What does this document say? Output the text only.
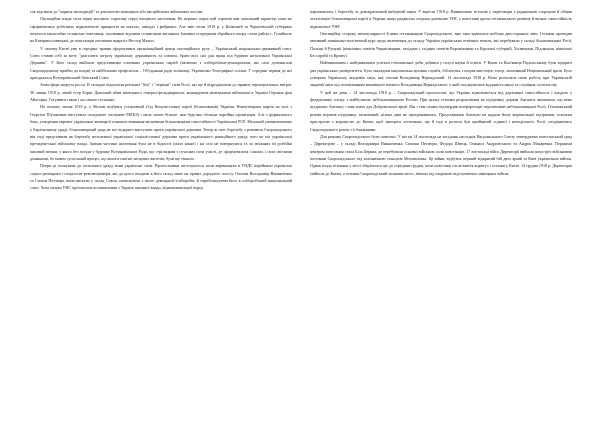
ток відсівала до "карних експедицій" за допомогою німецьких або австрійських військових частин.

Окупаційна влада сієла зерна масового спротиву серед місцевого населення. Не перших порах цей спротив мав локальний характер: поки не сформовались робітничо відновлюють прикриття на шахтах, заводах і фабриках. Але вже літом 1918 р. у Київській та Чернігівській губерніях почалося масштабне селянське повстання, очолюване відомим селянським ватажком. Іншими осередками збройного опору стали район с. Гуляйполе на Катеринославщині, де повстанців очолював анархіст Нестор Махно.

У самому Києві уже в середині травня сформувався організаційний центр опозиційного руху – Український національно-державний союз. Союз ставив собі за мету "разгалити загрозу українську державність та союзом, брати всіх сил для праці під будівою незалежної Української Держави". У його склад ввійшли представники основних українських партій (включно з хліборобами-демократами, які самі допомагали Скоропадському прийти до влади) та найбільших профспілок – Об'єднання ради залізниці, Українсько-Телеграфної спілки. У середині червня до неї приєдналася Всеукраїнський Земський Союз.

Атмосфера нагрута росла. В складно підкупили реальної "білі" і "червоні" сили Росії, які ще й відроджували до прямих територіальних витрат. 30 липня 1918 р. лівий есер Борис Донський вбив німецького генерал-фельдмаршала, командувача німецькими військами в Україні Германа фон Айхгорна. Готувався також і на самого гетьмана.

На початку липня 1918 р. у Москві відбувся установчий з'їзд Комуністичної партії (більшовиків) України. Новоутворена партія на чолі з Георгієм П'ятаковим виступила складовою частиною РКП(б) і мала своєю більше, ніж будь-яка обласна партійна організація. Але з формального боку, утворення окремої української компартії означало визнання місцевими більшовиками самостійності Української РСР. Збільший уповноважених у Берлінському уряді, більшовицький уряд не міг відкрито виступати проти української держави. Тепер ж своє боротьбу з режимом Скоропадського він тоді представити як боротьбу незалежної української соціалістичної держави проти українського реакційного уряду, чого не міг української президентської війському влада. Значна частина населення була не в бідності (мало нікне) і на селі не повернулися та за зв'язаних їм розбійні масовий мітинг, у якого без поїзди у будинку Всеукраїнської Ради, що стрільцями з сучасних поза участі, де сформувалися і інших, і поза світлими ділянками, бо кожен суспільний процес, що жила в пам'яті місцевих жителів, були ще тішили.

Попри ці спонукань до польського уряду вони українські сили. Протистояння загострилося, коли керівництво в УНДС перейняли українські соціал-демократи і соціалісти-революціонери, які до цього входили в його склад лише на правах дорадчого голосу. Очолив Володимир Винниченко та Симон Петлюра, вони виїхали у склад Союзу, натискуючи з вього демократії-хліборобів, й перебільшуючи його в хліборобській національний союз. Хоча мілька УНС протоколом встановлення з Україні законної влади, відновлювальної перед

парламентом, і боротьбу за демократичний виборчий закон. У вересні 1918 р. Винниченко вступив у переговори з радянською стороною й обіцяв легалізацію більшовицької партії в Україні, якщо радянська сторона допоможе УНС у повстанні проти гетьманського режиму й визнає самостійність відновленої УНР.

Опозиційну сторону непопулярності й явна гетьманщини Скоропадського, вже така вдавалася побічно двосторонніх змін. Гетьман проводив активний зовнішньо-політичний курс щодо включення до складу України українських етнічних земель, які перебували у складі більшовицької Росії, Польщі й Румунії (північних повітів Чернігівщини, західних і східних повітів Вороніжчини та Курської губерній, Холмщини, Підляшшя, північної Бессарабії та Криму).

Найзначнішим і найтривкішим успіхом гетьманської доби добився у галузі науки й освіти. У Києві та Кам'янець-Подільському були відкриті два українських університети. Була закладена національна архівна служба, бібліотека, галерея мистецтв, театр, заснований Національний архів. Було утворено Українську академію наук, яку очолив Володимир Вернадський. 14 листопада 1918 р. Вона розпочала свою роботу при Українській академії наук під головуванням визначного вченого Володимира Вернадського, у якій поєднувалися відданість науці та служіння суспільству.

У цей же день – 14 листопада 1918 р. – Скоропадський проголосив, що Україна відмовляється від державної самостійності і входить у федеративну спілку з майбутньою небільшовицькою Росією. При цьому гетьман розраховував на підтримку держав Антанти, вважаючи, що вона підтримає Антанту, стане ключ для Добровольчої армії. Він і тим самим підтвердив інтерпретації перспективи небільшовицької Росії. Гетьманський режим втратив підтримку, заснований, кілька днів не протримавшись. Представники Антанти не надали йому вирішальної підтримки, оскільки пристрасне з ворожістю до Києва, щоб знищити «гетьмана» ще й тоді в розпалі був прийнятий «єдиної і неподільної» Росії, сподіваючись Скоропадського разом з її бажаннями.

Для режиму Скоропадського були помічені. У ніч на 14 листопада на засіданні наслідків Національного Союзу затверджено повстанський уряд – Директорію – у складі Володимира Винниченка, Симона Петлюри, Федора Швеця, Опанаса Андрієвського та Андрія Макаренка. Першими центром повстання стала Біла Церква, де перебували основні військові сили повстанців, 17 листопада війсь Директорії вийшли назустріч військовим частинам Скоропадського під залізничною станцією Мотовилівка. Це війни, відбувся перший відкритий бій двох армій за Київ українських військ. Однак влада гетьмана у місті зберігалася ще до середини грудня, коли повстанці після взяття впритул і останні у Києві. 14 грудня 1918 р. Директорія увійшла до Києва, а гетьман Скоропадський залишив місто, втікши під охороною відступаючих німецьких військ.
